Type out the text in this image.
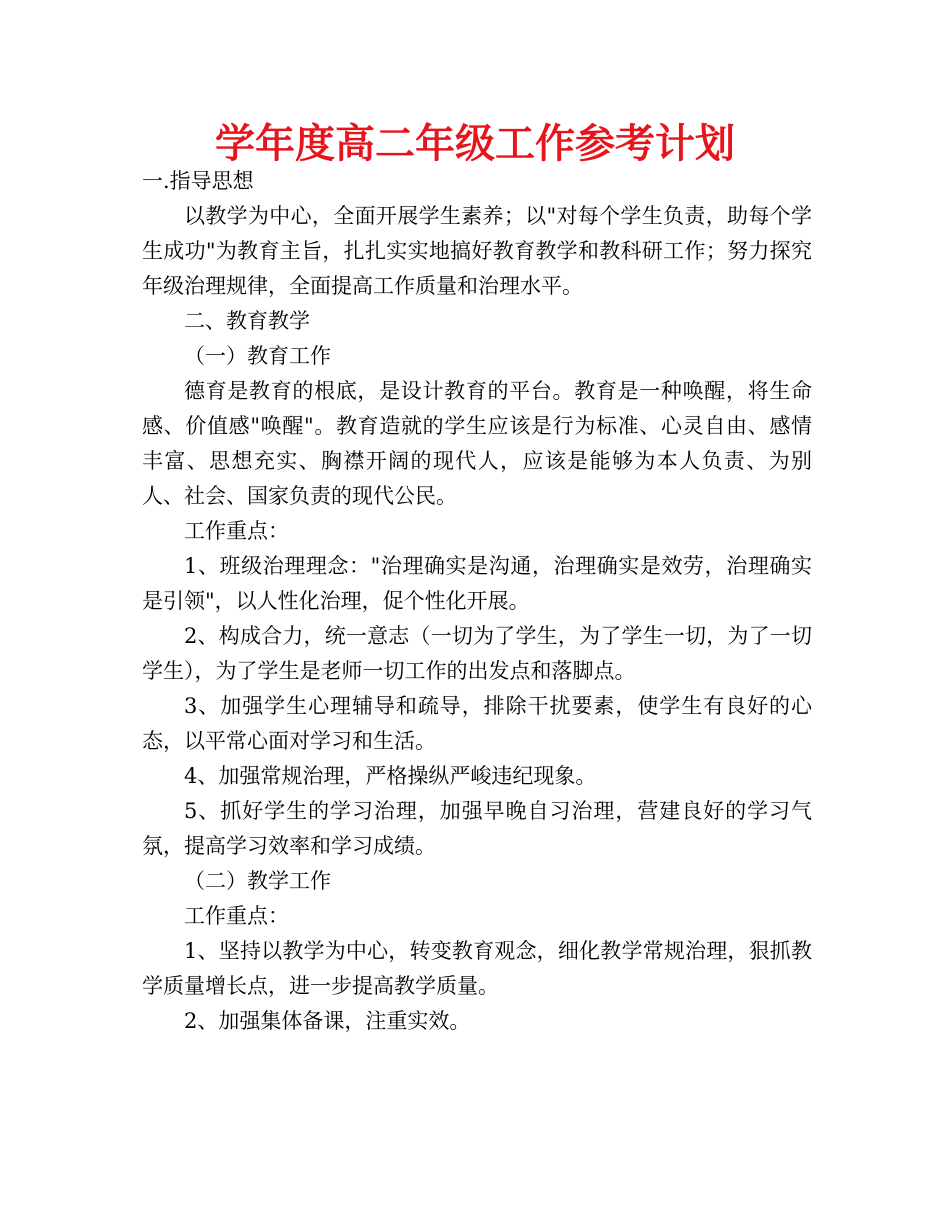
学年度高二年级工作参考计划

一.指导思想

以教学为中心，全面开展学生素养；以"对每个学生负责，助每个学生成功"为教育主旨，扎扎实实地搞好教育教学和教科研工作；努力探究年级治理规律，全面提高工作质量和治理水平。

二、教育教学

（一）教育工作

德育是教育的根底，是设计教育的平台。教育是一种唤醒，将生命感、价值感"唤醒"。教育造就的学生应该是行为标准、心灵自由、感情丰富、思想充实、胸襟开阔的现代人，应该是能够为本人负责、为别人、社会、国家负责的现代公民。

工作重点：

1、班级治理理念："治理确实是沟通，治理确实是效劳，治理确实是引领"，以人性化治理，促个性化开展。

2、构成合力，统一意志（一切为了学生，为了学生一切，为了一切学生），为了学生是老师一切工作的出发点和落脚点。

3、加强学生心理辅导和疏导，排除干扰要素，使学生有良好的心态，以平常心面对学习和生活。

4、加强常规治理，严格操纵严峻违纪现象。

5、抓好学生的学习治理，加强早晚自习治理，营建良好的学习气氛，提高学习效率和学习成绩。

（二）教学工作

工作重点：

1、坚持以教学为中心，转变教育观念，细化教学常规治理，狠抓教学质量增长点，进一步提高教学质量。

2、加强集体备课，注重实效。
